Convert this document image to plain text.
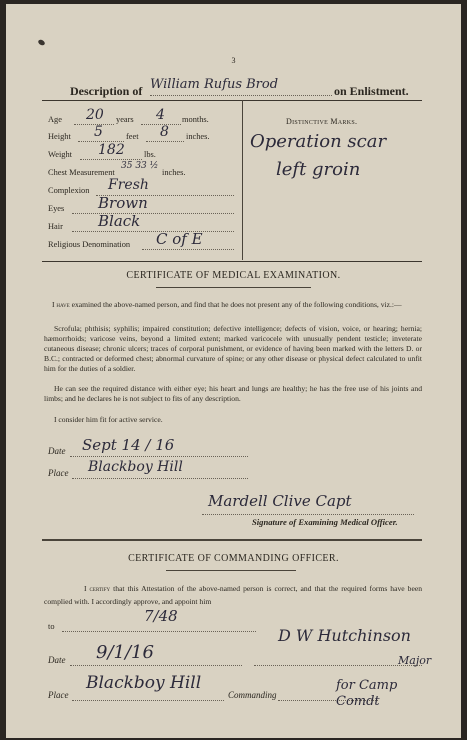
3
Description of William Rufus Brod	on Enlistment.
Age 20 years 4 months.
Height 5	feet 8 inches.
Weight 182 lbs.
Chest Measurement
35 33 ½
inches.
Complexion Fresh
Eyes Brown
Hair Black
Religious Denomination C of E
Distinctive Marks.
Operation scar
left groin
CERTIFICATE OF MEDICAL EXAMINATION.
I have examined the above-named person, and find that he does not present any of the following conditions, viz.:—
Scrofula; phthisis; syphilis; impaired constitution; defective intelligence; defects of vision, voice, or hearing; hernia; hæmorrhoids; varicose veins, beyond a limited extent; marked varicocele with unusually pendent testicle; inveterate cutaneous disease; chronic ulcers; traces of corporal punishment, or evidence of having been marked with the letters D. or B.C.; contracted or deformed chest; abnormal curvature of spine; or any other disease or physical defect calculated to unfit him for the duties of a soldier.
He can see the required distance with either eye; his heart and lungs are healthy; he has the free use of his joints and limbs; and he declares he is not subject to fits of any description.
I consider him fit for active service.
Date Sept 14 / 16
Place Blackboy Hill
Mardell Clive Capt
Signature of Examining Medical Officer.
CERTIFICATE OF COMMANDING OFFICER.
I certify that this Attestation of the above-named person is correct, and that the required forms have been complied with. I accordingly approve, and appoint him
to
7/48
Date 9/1/16
D W Hutchinson
Major
Place
Blackboy Hill
Commanding
for Camp Comdt
